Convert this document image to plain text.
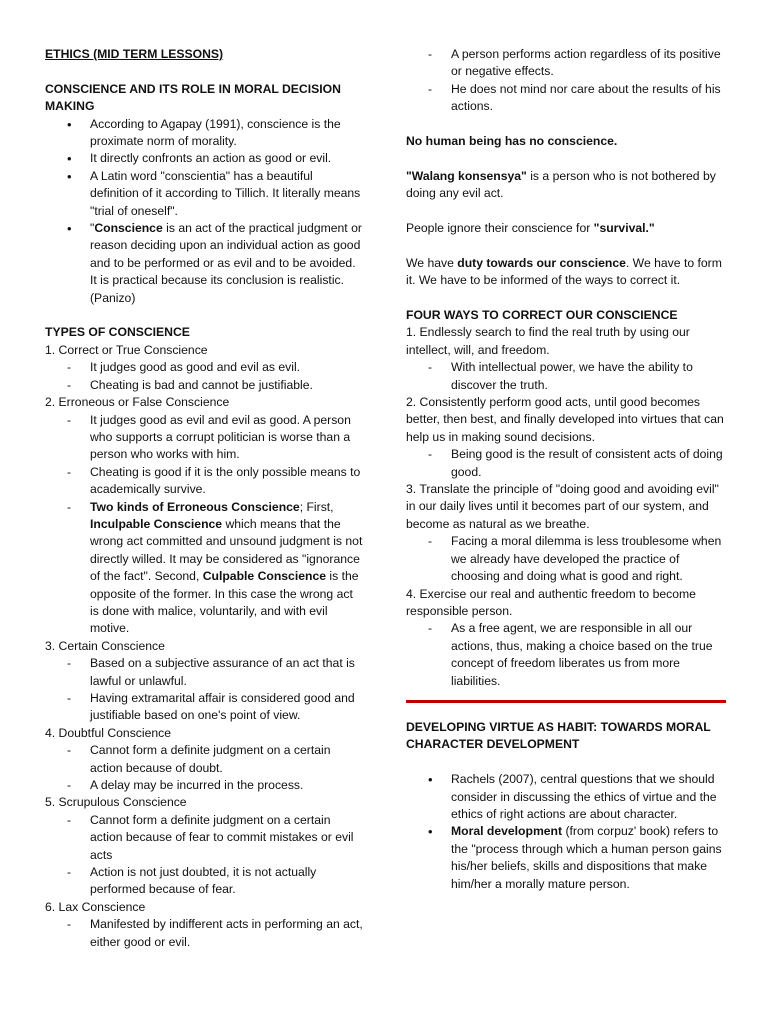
ETHICS (MID TERM LESSONS)

CONSCIENCE AND ITS ROLE IN MORAL DECISION MAKING

• According to Agapay (1991), conscience is the proximate norm of morality.

• It directly confronts an action as good or evil.

• A Latin word "conscientia" has a beautiful definition of it according to Tillich. It literally means "trial of oneself".

• "Conscience is an act of the practical judgment or reason deciding upon an individual action as good and to be performed or as evil and to be avoided. It is practical because its conclusion is realistic. (Panizo)

TYPES OF CONSCIENCE

1. Correct or True Conscience

- It judges good as good and evil as evil.

- Cheating is bad and cannot be justifiable.

2. Erroneous or False Conscience

- It judges good as evil and evil as good. A person who supports a corrupt politician is worse than a person who works with him.

- Cheating is good if it is the only possible means to academically survive.

- Two kinds of Erroneous Conscience; First, Inculpable Conscience which means that the wrong act committed and unsound judgment is not directly willed. It may be considered as "ignorance of the fact". Second, Culpable Conscience is the opposite of the former. In this case the wrong act is done with malice, voluntarily, and with evil motive.

3. Certain Conscience

- Based on a subjective assurance of an act that is lawful or unlawful.

- Having extramarital affair is considered good and justifiable based on one's point of view.

4. Doubtful Conscience

- Cannot form a definite judgment on a certain action because of doubt.

- A delay may be incurred in the process.

5. Scrupulous Conscience

- Cannot form a definite judgment on a certain action because of fear to commit mistakes or evil acts

- Action is not just doubted, it is not actually performed because of fear.

6. Lax Conscience

- Manifested by indifferent acts in performing an act, either good or evil.

- A person performs action regardless of its positive or negative effects.

- He does not mind nor care about the results of his actions.

No human being has no conscience.

"Walang konsensya" is a person who is not bothered by doing any evil act.

People ignore their conscience for "survival."

We have duty towards our conscience. We have to form it. We have to be informed of the ways to correct it.

FOUR WAYS TO CORRECT OUR CONSCIENCE

1. Endlessly search to find the real truth by using our intellect, will, and freedom.

- With intellectual power, we have the ability to discover the truth.

2. Consistently perform good acts, until good becomes better, then best, and finally developed into virtues that can help us in making sound decisions.

- Being good is the result of consistent acts of doing good.

3. Translate the principle of "doing good and avoiding evil" in our daily lives until it becomes part of our system, and become as natural as we breathe.

- Facing a moral dilemma is less troublesome when we already have developed the practice of choosing and doing what is good and right.

4. Exercise our real and authentic freedom to become responsible person.

- As a free agent, we are responsible in all our actions, thus, making a choice based on the true concept of freedom liberates us from more liabilities.

DEVELOPING VIRTUE AS HABIT: TOWARDS MORAL CHARACTER DEVELOPMENT

• Rachels (2007), central questions that we should consider in discussing the ethics of virtue and the ethics of right actions are about character.

• Moral development (from corpuz' book) refers to the "process through which a human person gains his/her beliefs, skills and dispositions that make him/her a morally mature person.
